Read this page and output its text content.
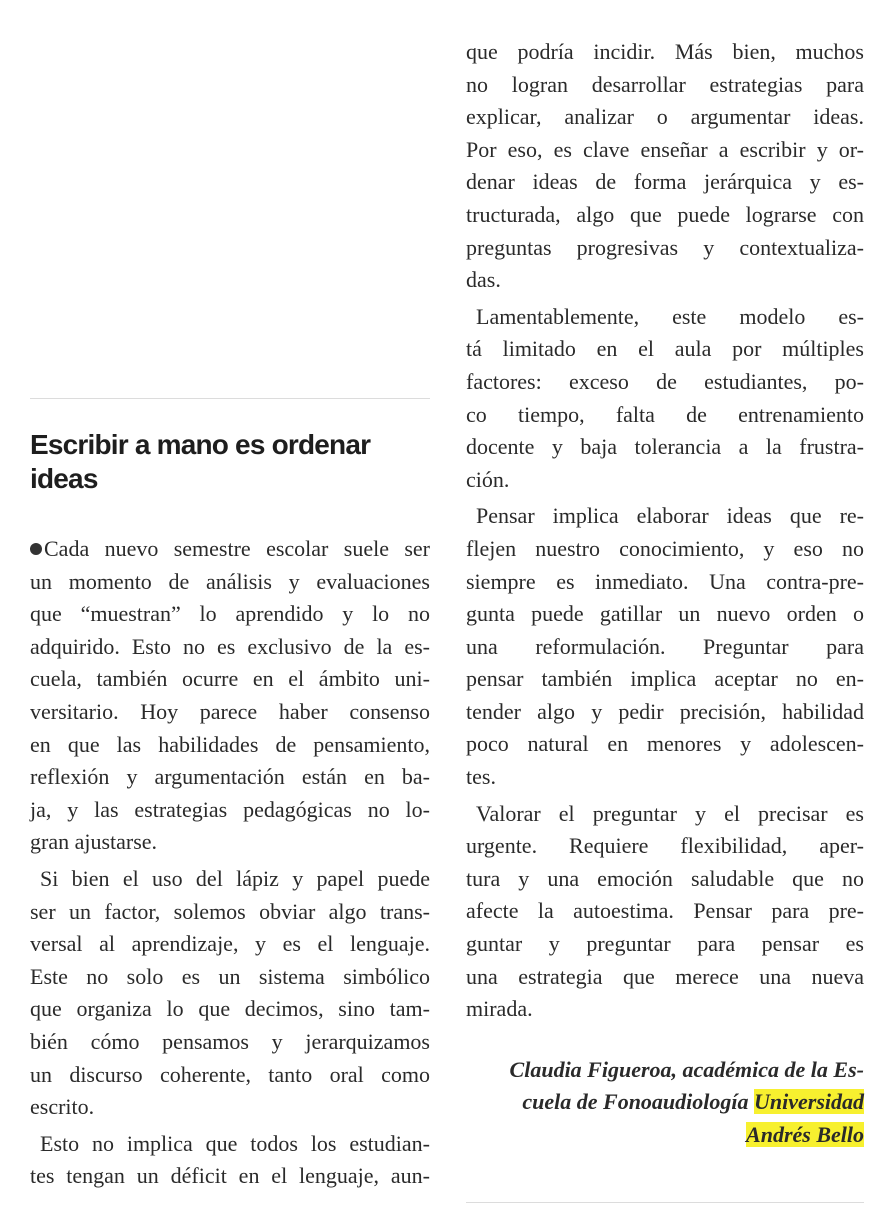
Escribir a mano es ordenar
ideas
Cada nuevo semestre escolar suele ser
un momento de análisis y evaluaciones
que “muestran” lo aprendido y lo no
adquirido. Esto no es exclusivo de la es-
cuela, también ocurre en el ámbito uni-
versitario. Hoy parece haber consenso
en que las habilidades de pensamiento,
reflexión y argumentación están en ba-
ja, y las estrategias pedagógicas no lo-
gran ajustarse.
Si bien el uso del lápiz y papel puede
ser un factor, solemos obviar algo trans-
versal al aprendizaje, y es el lenguaje.
Este no solo es un sistema simbólico
que organiza lo que decimos, sino tam-
bién cómo pensamos y jerarquizamos
un discurso coherente, tanto oral como
escrito.
Esto no implica que todos los estudian-
tes tengan un déficit en el lenguaje, aun-
que podría incidir. Más bien, muchos
no logran desarrollar estrategias para
explicar, analizar o argumentar ideas.
Por eso, es clave enseñar a escribir y or-
denar ideas de forma jerárquica y es-
tructurada, algo que puede lograrse con
preguntas progresivas y contextualiza-
das.
Lamentablemente, este modelo es-
tá limitado en el aula por múltiples
factores: exceso de estudiantes, po-
co tiempo, falta de entrenamiento
docente y baja tolerancia a la frustra-
ción.
Pensar implica elaborar ideas que re-
flejen nuestro conocimiento, y eso no
siempre es inmediato. Una contra-pre-
gunta puede gatillar un nuevo orden o
una reformulación. Preguntar para
pensar también implica aceptar no en-
tender algo y pedir precisión, habilidad
poco natural en menores y adolescen-
tes.
Valorar el preguntar y el precisar es
urgente. Requiere flexibilidad, aper-
tura y una emoción saludable que no
afecte la autoestima. Pensar para pre-
guntar y preguntar para pensar es
una estrategia que merece una nueva
mirada.
Claudia Figueroa, académica de la Es-
cuela de Fonoaudiología Universidad
Andrés Bello
